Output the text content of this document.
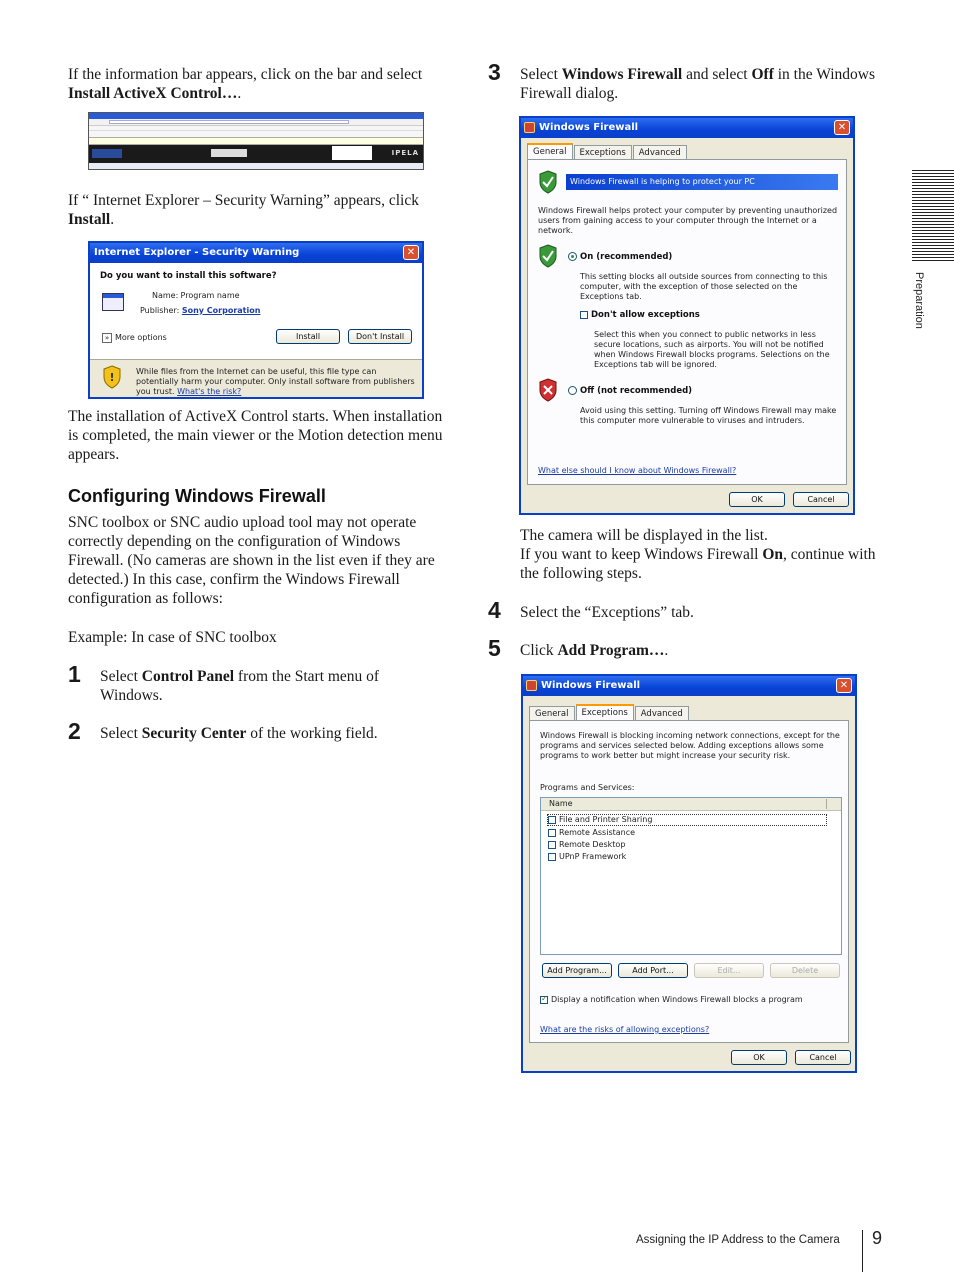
If the information bar appears, click on the bar and select
Install ActiveX Control….
IPELA
If “ Internet Explorer – Security Warning” appears, click
Install.
Internet Explorer - Security Warning	✕
Do you want to install this software?
Name: Program name
Publisher: Sony Corporation
» More options	Install	Don't Install
!	While files from the Internet can be useful, this file type can potentially harm your computer. Only install software from publishers you trust. What's the risk?
The installation of ActiveX Control starts. When installation is completed, the main viewer or the Motion detection menu appears.
Configuring Windows Firewall
SNC toolbox or SNC audio upload tool may not operate correctly depending on the configuration of Windows Firewall. (No cameras are shown in the list even if they are detected.) In this case, confirm the Windows Firewall configuration as follows:
Example: In case of SNC toolbox
1 Select Control Panel from the Start menu of Windows.
2 Select Security Center of the working field.
3 Select Windows Firewall and select Off in the Windows Firewall dialog.
Windows Firewall	✕
General	Exceptions	Advanced
Windows Firewall is helping to protect your PC
Windows Firewall helps protect your computer by preventing unauthorized users from gaining access to your computer through the Internet or a network.
On (recommended)
This setting blocks all outside sources from connecting to this computer, with the exception of those selected on the Exceptions tab.
Don't allow exceptions
Select this when you connect to public networks in less secure locations, such as airports. You will not be notified when Windows Firewall blocks programs. Selections on the Exceptions tab will be ignored.
Off (not recommended)
Avoid using this setting. Turning off Windows Firewall may make this computer more vulnerable to viruses and intruders.
What else should I know about Windows Firewall?
OK	Cancel
The camera will be displayed in the list.
If you want to keep Windows Firewall On, continue with the following steps.
4 Select the “Exceptions” tab.
5 Click Add Program….
Windows Firewall	✕
General	Exceptions	Advanced
Windows Firewall is blocking incoming network connections, except for the programs and services selected below. Adding exceptions allows some programs to work better but might increase your security risk.
Programs and Services:
Name
File and Printer Sharing
Remote Assistance
Remote Desktop
UPnP Framework
Add Program...	Add Port...	Edit...	Delete
✓Display a notification when Windows Firewall blocks a program
What are the risks of allowing exceptions?
OK	Cancel
Preparation
Assigning the IP Address to the Camera 9
